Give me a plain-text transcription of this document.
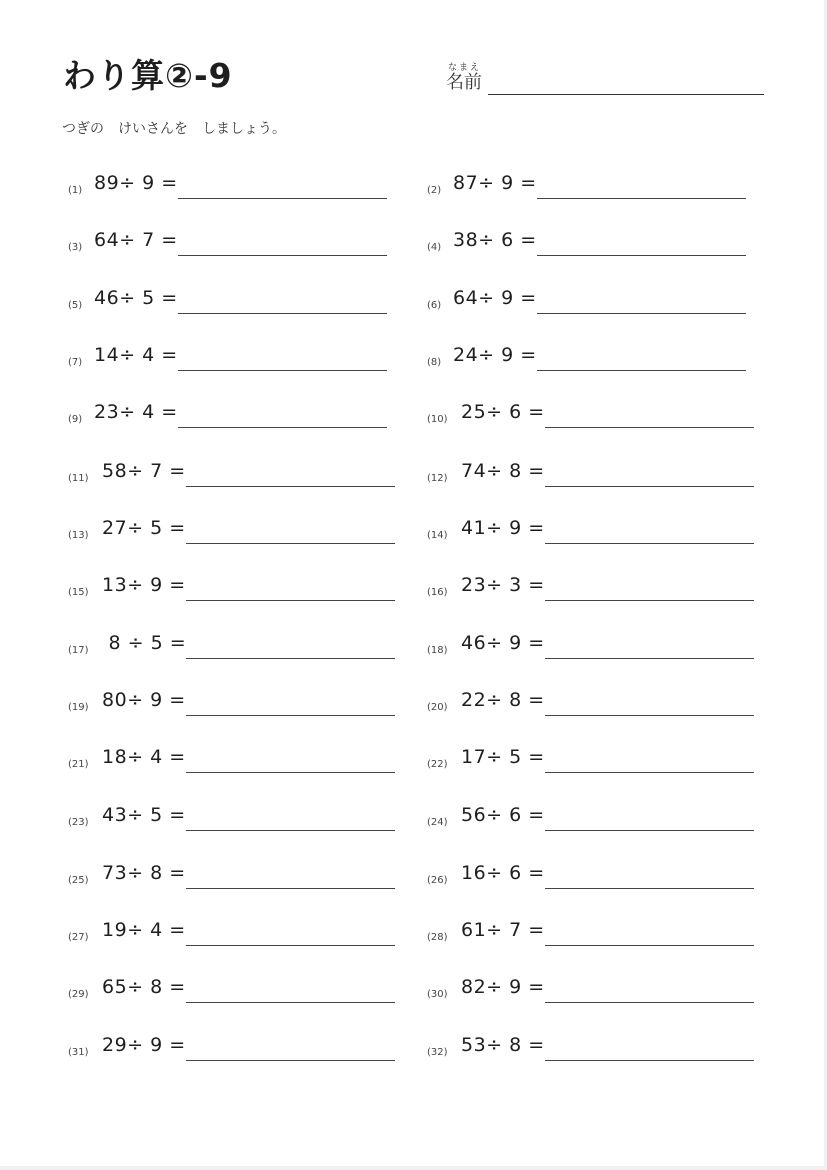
わり算②-9	なまえ
名前
つぎの　けいさんを　しましょう。
(1) 89÷ 9 =	(2) 87÷ 9 =
(3) 64÷ 7 =	(4) 38÷ 6 =
(5) 46÷ 5 =	(6) 64÷ 9 =
(7) 14÷ 4 =	(8) 24÷ 9 =
(9) 23÷ 4 =	(10) 25÷ 6 =
(11) 58÷ 7 =	(12) 74÷ 8 =
(13) 27÷ 5 =	(14) 41÷ 9 =
(15) 13÷ 9 =	(16) 23÷ 3 =
(17) 8 ÷ 5 =	(18) 46÷ 9 =
(19) 80÷ 9 =	(20) 22÷ 8 =
(21) 18÷ 4 =	(22) 17÷ 5 =
(23) 43÷ 5 =	(24) 56÷ 6 =
(25) 73÷ 8 =	(26) 16÷ 6 =
(27) 19÷ 4 =	(28) 61÷ 7 =
(29) 65÷ 8 =	(30) 82÷ 9 =
(31) 29÷ 9 =	(32) 53÷ 8 =
